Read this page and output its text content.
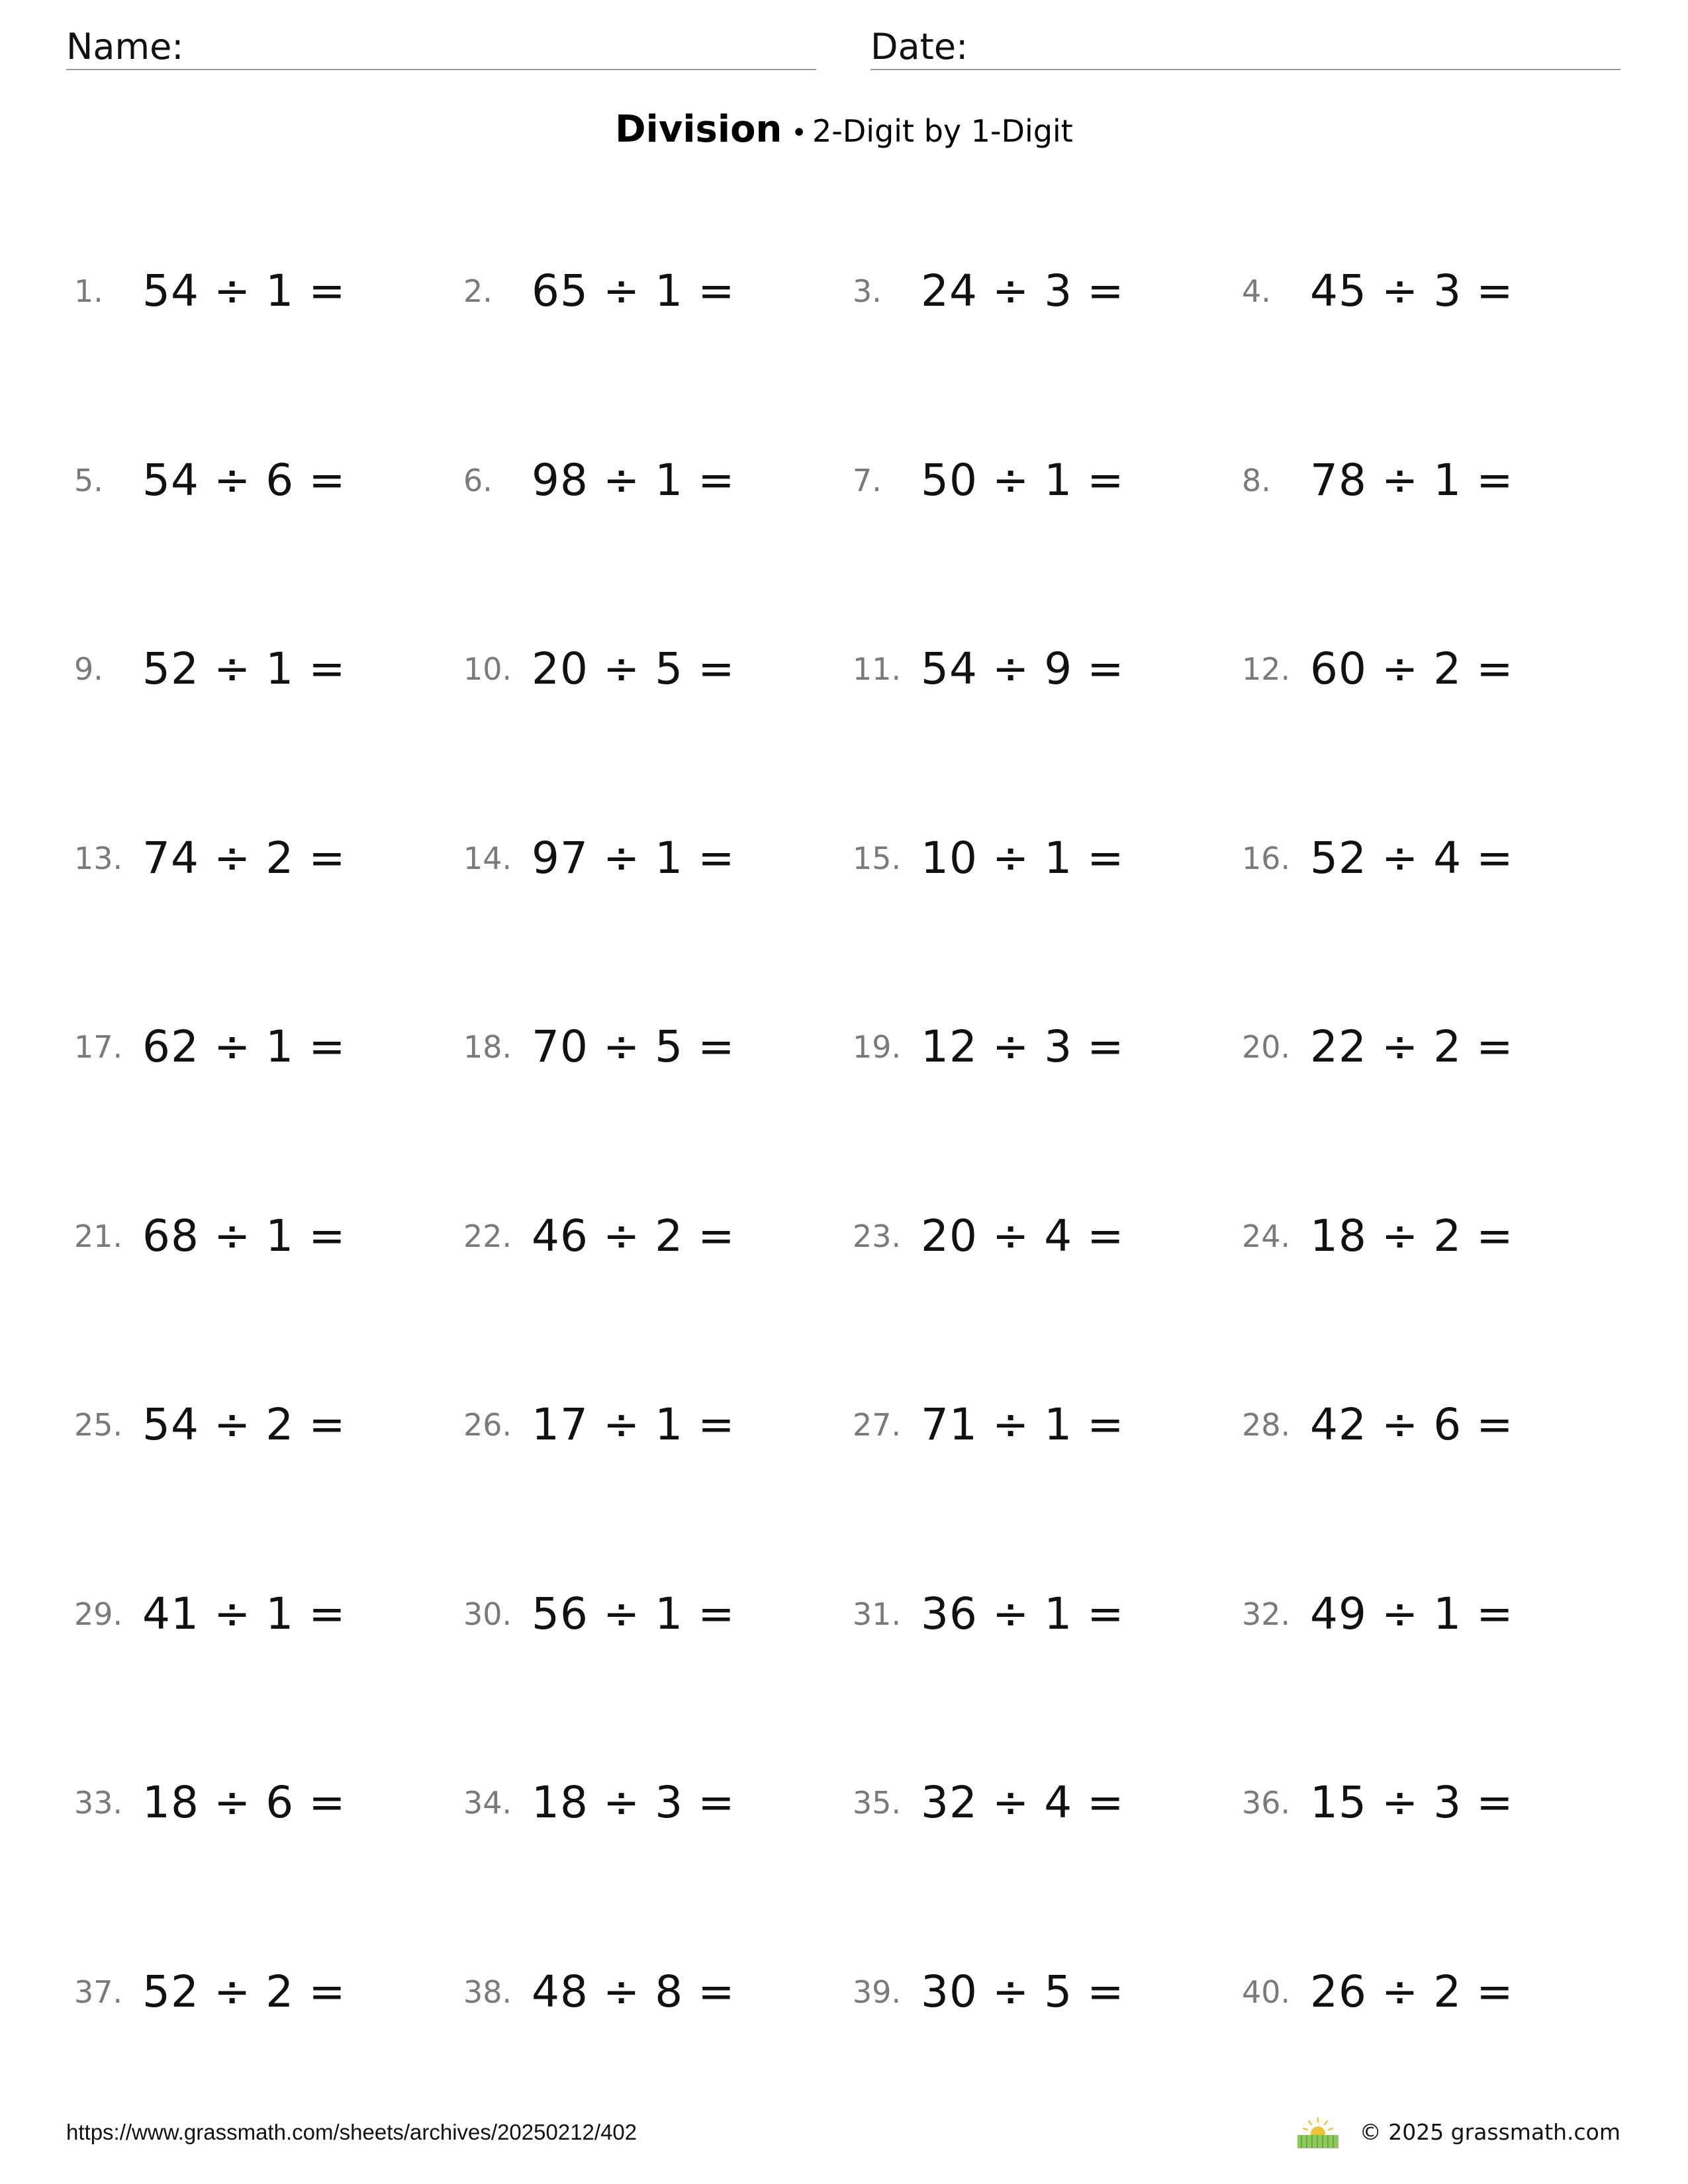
Name:	Date:
Division • 2-Digit by 1-Digit
1. 54 ÷ 1 =	2. 65 ÷ 1 =	3. 24 ÷ 3 =	4. 45 ÷ 3 =
5. 54 ÷ 6 =	6. 98 ÷ 1 =	7. 50 ÷ 1 =	8. 78 ÷ 1 =
9. 52 ÷ 1 =	10. 20 ÷ 5 =	11. 54 ÷ 9 =	12. 60 ÷ 2 =
13. 74 ÷ 2 =	14. 97 ÷ 1 =	15. 10 ÷ 1 =	16. 52 ÷ 4 =
17. 62 ÷ 1 =	18. 70 ÷ 5 =	19. 12 ÷ 3 =	20. 22 ÷ 2 =
21. 68 ÷ 1 =	22. 46 ÷ 2 =	23. 20 ÷ 4 =	24. 18 ÷ 2 =
25. 54 ÷ 2 =	26. 17 ÷ 1 =	27. 71 ÷ 1 =	28. 42 ÷ 6 =
29. 41 ÷ 1 =	30. 56 ÷ 1 =	31. 36 ÷ 1 =	32. 49 ÷ 1 =
33. 18 ÷ 6 =	34. 18 ÷ 3 =	35. 32 ÷ 4 =	36. 15 ÷ 3 =
37. 52 ÷ 2 =	38. 48 ÷ 8 =	39. 30 ÷ 5 =	40. 26 ÷ 2 =
https://www.grassmath.com/sheets/archives/20250212/402	© 2025 grassmath.com
